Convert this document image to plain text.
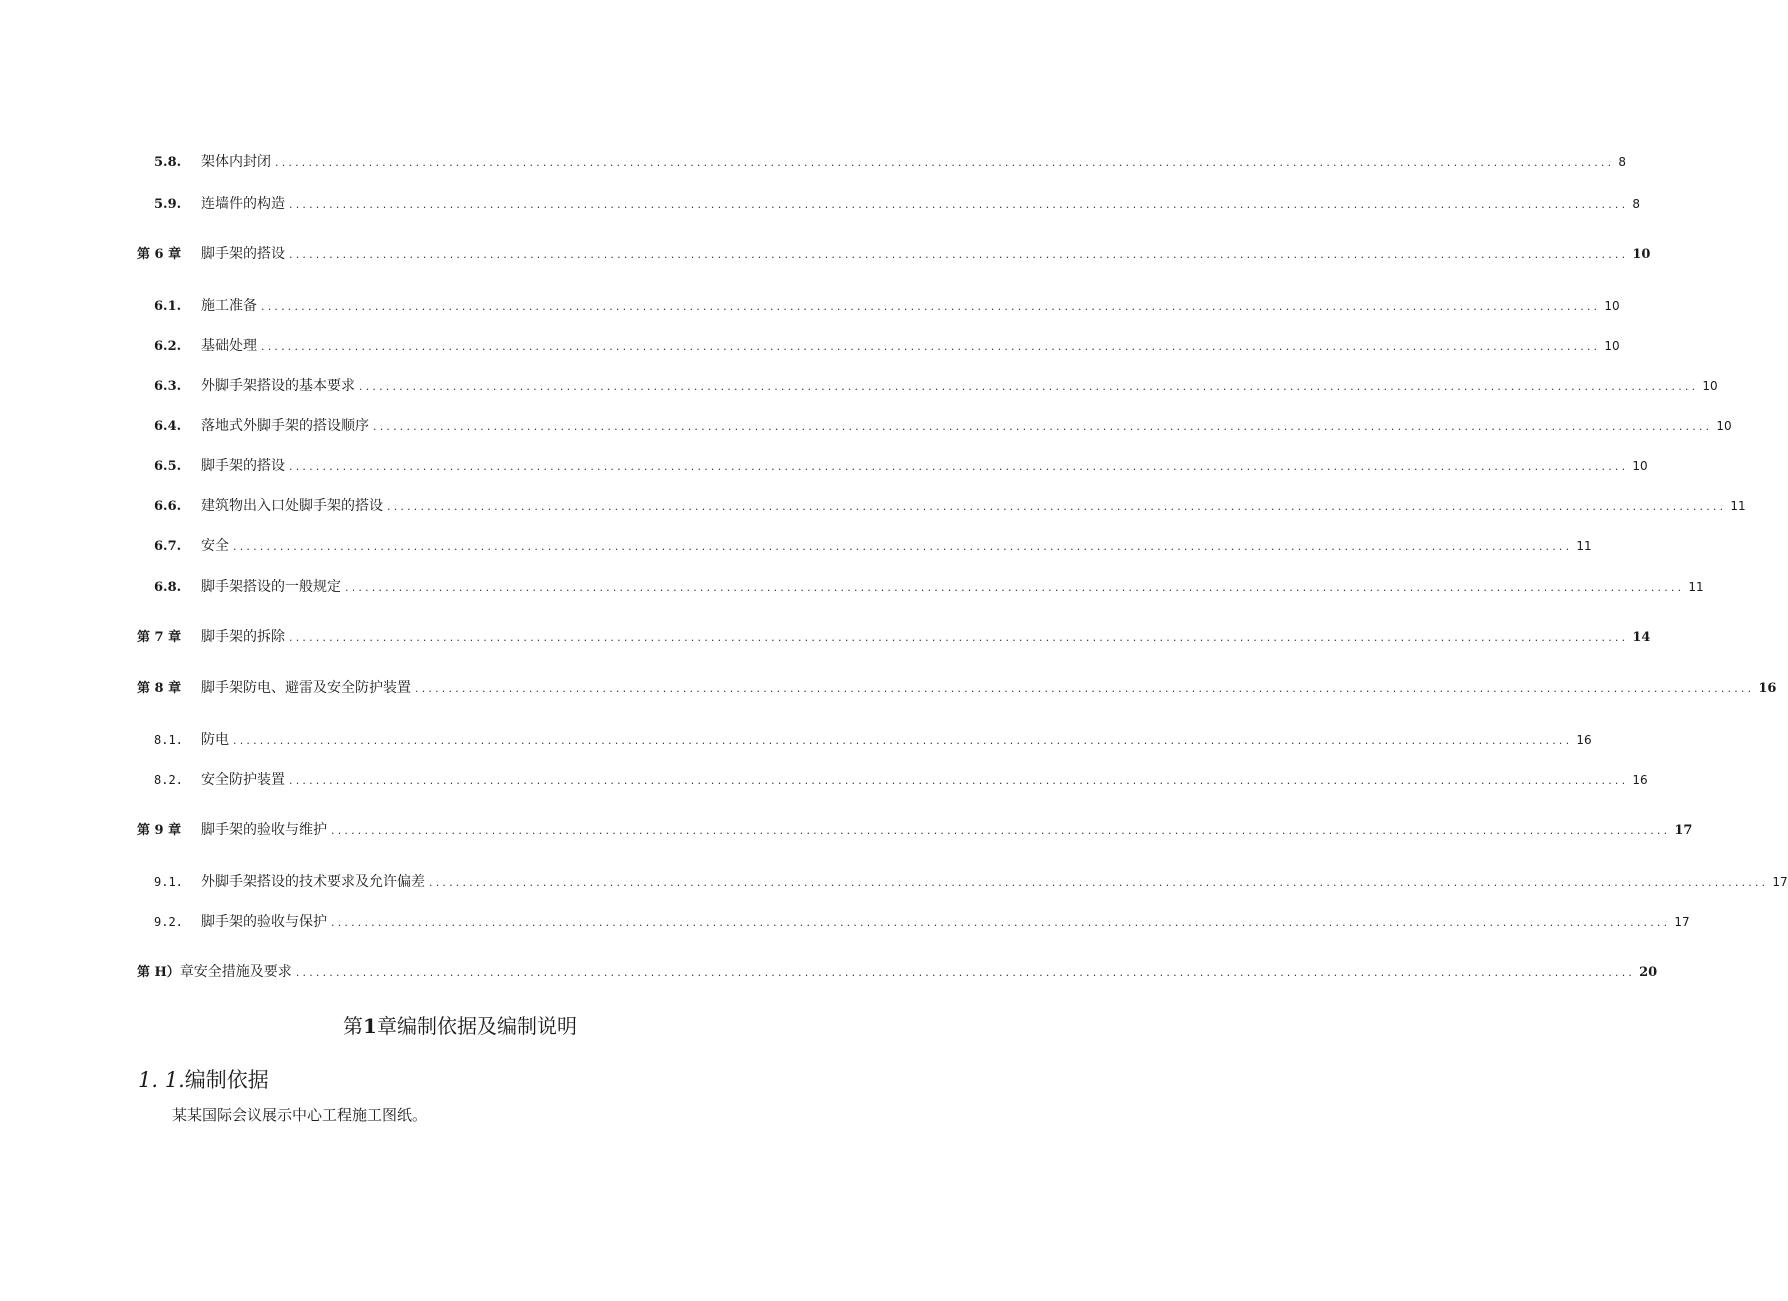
5.8.	架体内封闭 ........................................................................................................................................................................................................ 8
5.9.	连墙件的构造 ........................................................................................................................................................................................................ 8
第 6 章	脚手架的搭设 ........................................................................................................................................................................................................ 10
6.1.	施工准备 ........................................................................................................................................................................................................ 10
6.2.	基础处理 ........................................................................................................................................................................................................ 10
6.3.	外脚手架搭设的基本要求 ........................................................................................................................................................................................................ 10
6.4.	落地式外脚手架的搭设顺序 ........................................................................................................................................................................................................ 10
6.5.	脚手架的搭设 ........................................................................................................................................................................................................ 10
6.6.	建筑物出入口处脚手架的搭设 ........................................................................................................................................................................................................ 11
6.7.	安全 ........................................................................................................................................................................................................ 11
6.8.	脚手架搭设的一般规定 ........................................................................................................................................................................................................ 11
第 7 章	脚手架的拆除 ........................................................................................................................................................................................................ 14
第 8 章	脚手架防电、避雷及安全防护装置 ........................................................................................................................................................................................................ 16
8.1.	防电 ........................................................................................................................................................................................................ 16
8.2.	安全防护装置 ........................................................................................................................................................................................................ 16
第 9 章	脚手架的验收与维护 ........................................................................................................................................................................................................ 17
9.1.	外脚手架搭设的技术要求及允许偏差 ........................................................................................................................................................................................................ 17
9.2.	脚手架的验收与保护 ........................................................................................................................................................................................................ 17
第 H） 章安全措施及要求 ........................................................................................................................................................................................................ 20
第1章编制依据及编制说明
1. 1.编制依据
某某国际会议展示中心工程施工图纸。
